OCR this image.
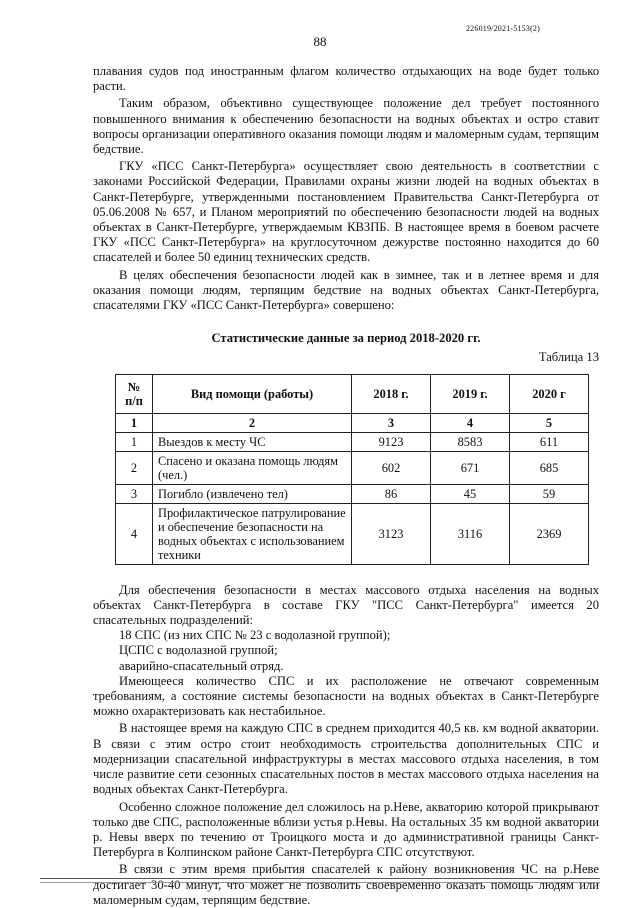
226019/2021-5153(2)
88

плавания судов под иностранным флагом количество отдыхающих на воде будет только расти.

Таким образом, объективно существующее положение дел требует постоянного повышенного внимания к обеспечению безопасности на водных объектах и остро ставит вопросы организации оперативного оказания помощи людям и маломерным судам, терпящим бедствие.

ГКУ «ПСС Санкт-Петербурга» осуществляет свою деятельность в соответствии с законами Российской Федерации, Правилами охраны жизни людей на водных объектах в Санкт-Петербурге, утвержденными постановлением Правительства Санкт-Петербурга от 05.06.2008 № 657, и Планом мероприятий по обеспечению безопасности людей на водных объектах в Санкт-Петербурге, утверждаемым КВЗПБ. В настоящее время в боевом расчете ГКУ «ПСС Санкт-Петербурга» на круглосуточном дежурстве постоянно находится до 60 спасателей и более 50 единиц технических средств.

В целях обеспечения безопасности людей как в зимнее, так и в летнее время и для оказания помощи людям, терпящим бедствие на водных объектах Санкт-Петербурга, спасателями ГКУ «ПСС Санкт-Петербурга» совершено:

Статистические данные за период 2018-2020 гг.

Таблица 13

№ п/п	Вид помощи (работы)	2018 г.	2019 г.	2020 г
1	2	3	4	5
1	Выездов к месту ЧС	9123	8583	611
2	Спасено и оказана помощь людям (чел.)	602	671	685
3	Погибло (извлечено тел)	86	45	59
4	Профилактическое патрулирование и обеспечение безопасности на водных объектах с использованием техники	3123	3116	2369

Для обеспечения безопасности в местах массового отдыха населения на водных объектах Санкт-Петербурга в составе ГКУ "ПСС Санкт-Петербурга" имеется 20 спасательных подразделений:

18 СПС (из них СПС № 23 с водолазной группой);

ЦСПС с водолазной группой;

аварийно-спасательный отряд.

Имеющееся количество СПС и их расположение не отвечают современным требованиям, а состояние системы безопасности на водных объектах в Санкт-Петербурге можно охарактеризовать как нестабильное.

В настоящее время на каждую СПС в среднем приходится 40,5 кв. км водной акватории. В связи с этим остро стоит необходимость строительства дополнительных СПС и модернизации спасательной инфраструктуры в местах массового отдыха населения, в том числе развитие сети сезонных спасательных постов в местах массового отдыха населения на водных объектах Санкт-Петербурга.

Особенно сложное положение дел сложилось на р.Неве, акваторию которой прикрывают только две СПС, расположенные вблизи устья р.Невы. На остальных 35 км водной акватории р. Невы вверх по течению от Троицкого моста и до административной границы Санкт-Петербурга в Колпинском районе Санкт-Петербурга СПС отсутствуют.

В связи с этим время прибытия спасателей к району возникновения ЧС на р.Неве достигает 30-40 минут, что может не позволить своевременно оказать помощь людям или маломерным судам, терпящим бедствие.
